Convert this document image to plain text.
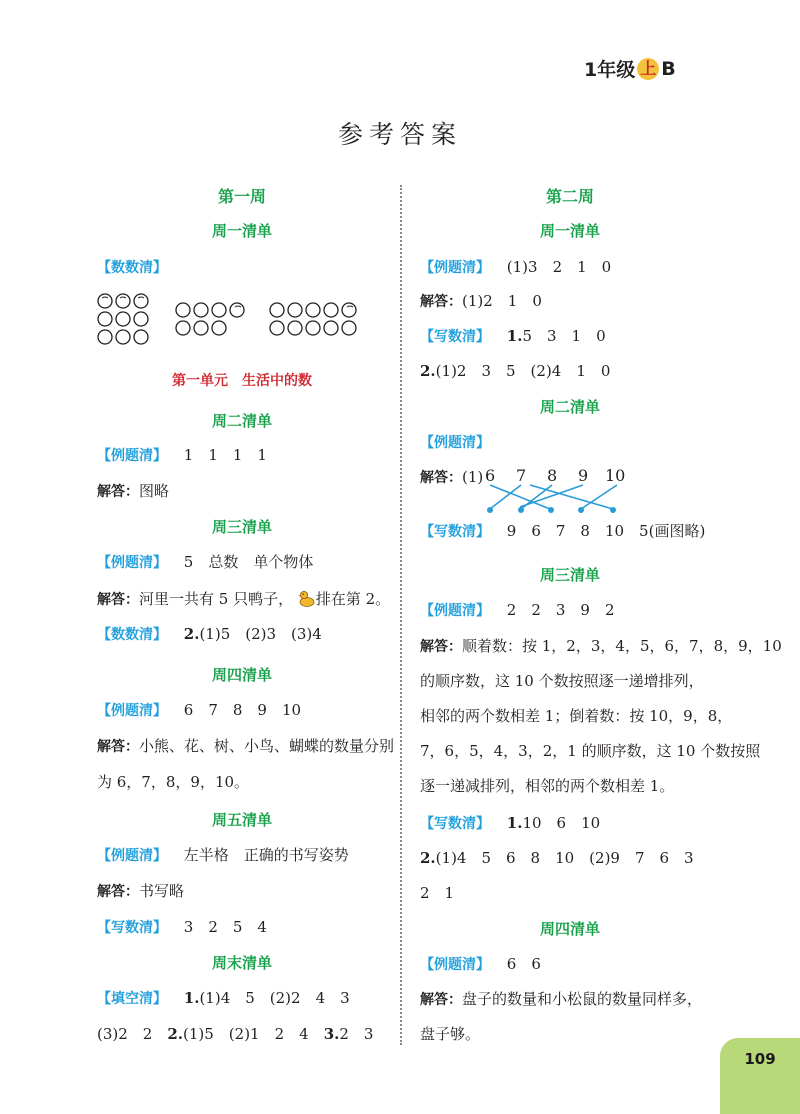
1年级 上 B
参考答案
第一周
周一清单
【数数清】
第一单元　生活中的数
周二清单
【例题清】 1　1　1　1
解答：图略
周三清单
【例题清】 5　总数　单个物体
解答：河里一共有 5 只鸭子， 排在第 2。
【数数清】 2.(1)5　(2)3　(3)4
周四清单
【例题清】 6　7　8　9　10
解答：小熊、花、树、小鸟、蝴蝶的数量分别
为 6，7，8，9，10。
周五清单
【例题清】 左半格　正确的书写姿势
解答：书写略
【写数清】 3　2　5　4
周末清单
【填空清】 1.(1)4　5　(2)2　4　3
(3)2　2　2.(1)5　(2)1　2　4　3.2　3
第二周
周一清单
【例题清】 (1)3　2　1　0
解答：(1)2　1　0
【写数清】 1.5　3　1　0
2.(1)2　3　5　(2)4　1　0
周二清单
【例题清】
解答：(1)
【写数清】 9　6　7　8　10　5(画图略)
周三清单
【例题清】 2　2　3　9　2
解答：顺着数：按 1，2，3，4，5，6，7，8，9，10
的顺序数，这 10 个数按照逐一递增排列，
相邻的两个数相差 1；倒着数：按 10，9，8，
7，6，5，4，3，2，1 的顺序数，这 10 个数按照
逐一递减排列，相邻的两个数相差 1。
【写数清】 1.10　6　10
2.(1)4　5　6　8　10　(2)9　7　6　3
2　1
周四清单
【例题清】 6　6
解答：盘子的数量和小松鼠的数量同样多，
盘子够。
6 7 8 9 10
109
